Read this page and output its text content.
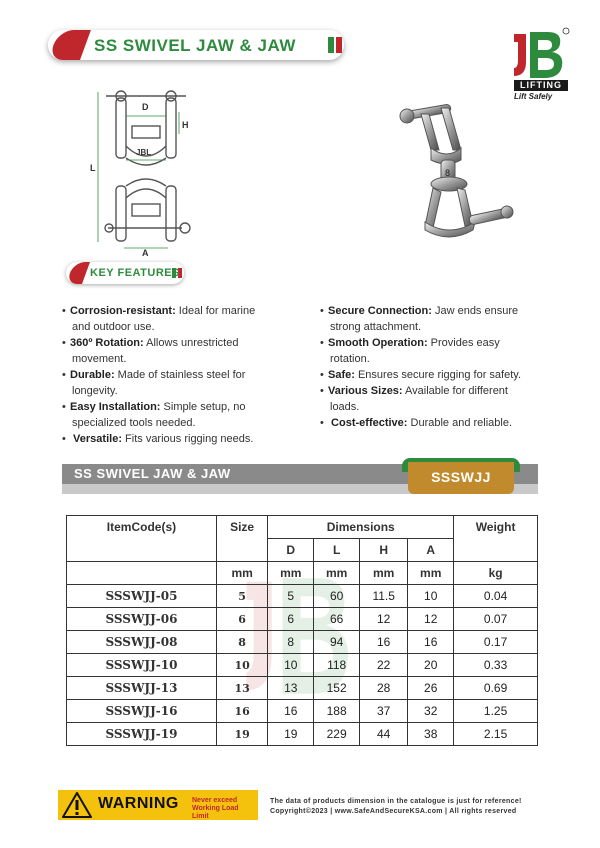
SS SWIVEL JAW & JAW
LIFTING
Lift Safely
D
H
L
JBL
A
8
KEY FEATURES
• Corrosion-resistant: Ideal for marine
and outdoor use.
• 360º Rotation: Allows unrestricted
movement.
• Durable: Made of stainless steel for
longevity.
• Easy Installation: Simple setup, no
specialized tools needed.
• Versatile: Fits various rigging needs.
• Secure Connection: Jaw ends ensure
strong attachment.
• Smooth Operation: Provides easy
rotation.
• Safe: Ensures secure rigging for safety.
• Various Sizes: Available for different
loads.
• Cost-effective: Durable and reliable.
SS SWIVEL JAW & JAW	SSSWJJ
ItemCode(s)	Size	Dimensions				Weight
		D	L	H	A	
	mm	mm	mm	mm	mm	kg
SSSWJJ-05	5	5	60	11.5	10	0.04
SSSWJJ-06	6	6	66	12	12	0.07
SSSWJJ-08	8	8	94	16	16	0.17
SSSWJJ-10	10	10	118	22	20	0.33
SSSWJJ-13	13	13	152	28	26	0.69
SSSWJJ-16	16	16	188	37	32	1.25
SSSWJJ-19	19	19	229	44	38	2.15
WARNING Never exceed Working Load Limit
The data of products dimension in the catalogue is just for reference!
Copyright©2023 | www.SafeAndSecureKSA.com | All rights reserved
